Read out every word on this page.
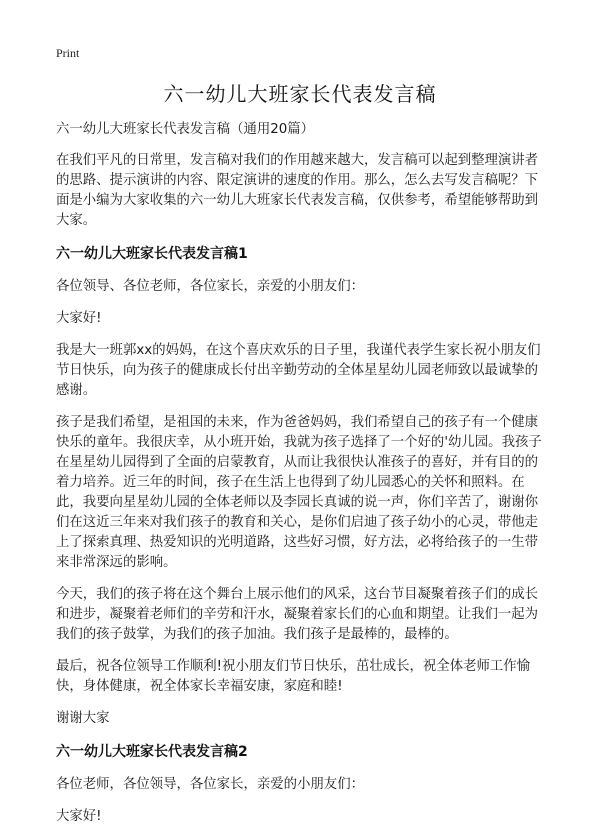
Print
六一幼儿大班家长代表发言稿

六一幼儿大班家长代表发言稿（通用20篇）

在我们平凡的日常里，发言稿对我们的作用越来越大，发言稿可以起到整理演讲者的思路、提示演讲的内容、限定演讲的速度的作用。那么，怎么去写发言稿呢？下面是小编为大家收集的六一幼儿大班家长代表发言稿，仅供参考，希望能够帮助到大家。

六一幼儿大班家长代表发言稿1

各位领导、各位老师，各位家长，亲爱的小朋友们：

大家好!

我是大一班郭xx的妈妈，在这个喜庆欢乐的日子里，我谨代表学生家长祝小朋友们节日快乐，向为孩子的健康成长付出辛勤劳动的全体星星幼儿园老师致以最诚挚的感谢。

孩子是我们希望，是祖国的未来，作为爸爸妈妈，我们希望自己的孩子有一个健康快乐的童年。我很庆幸，从小班开始，我就为孩子选择了一个好的'幼儿园。我孩子在星星幼儿园得到了全面的启蒙教育，从而让我很快认准孩子的喜好，并有目的的着力培养。近三年的时间，孩子在生活上也得到了幼儿园悉心的关怀和照料。在此，我要向星星幼儿园的全体老师以及李园长真诚的说一声，你们辛苦了，谢谢你们在这近三年来对我们孩子的教育和关心，是你们启迪了孩子幼小的心灵，带他走上了探索真理、热爱知识的光明道路，这些好习惯，好方法，必将给孩子的一生带来非常深远的影响。

今天，我们的孩子将在这个舞台上展示他们的风采，这台节目凝聚着孩子们的成长和进步，凝聚着老师们的辛劳和汗水，凝聚着家长们的心血和期望。让我们一起为我们的孩子鼓掌，为我们的孩子加油。我们孩子是最棒的，最棒的。

最后，祝各位领导工作顺利!祝小朋友们节日快乐，茁壮成长，祝全体老师工作愉快，身体健康，祝全体家长幸福安康，家庭和睦!

谢谢大家

六一幼儿大班家长代表发言稿2

各位老师，各位领导，各位家长，亲爱的小朋友们：

大家好!
